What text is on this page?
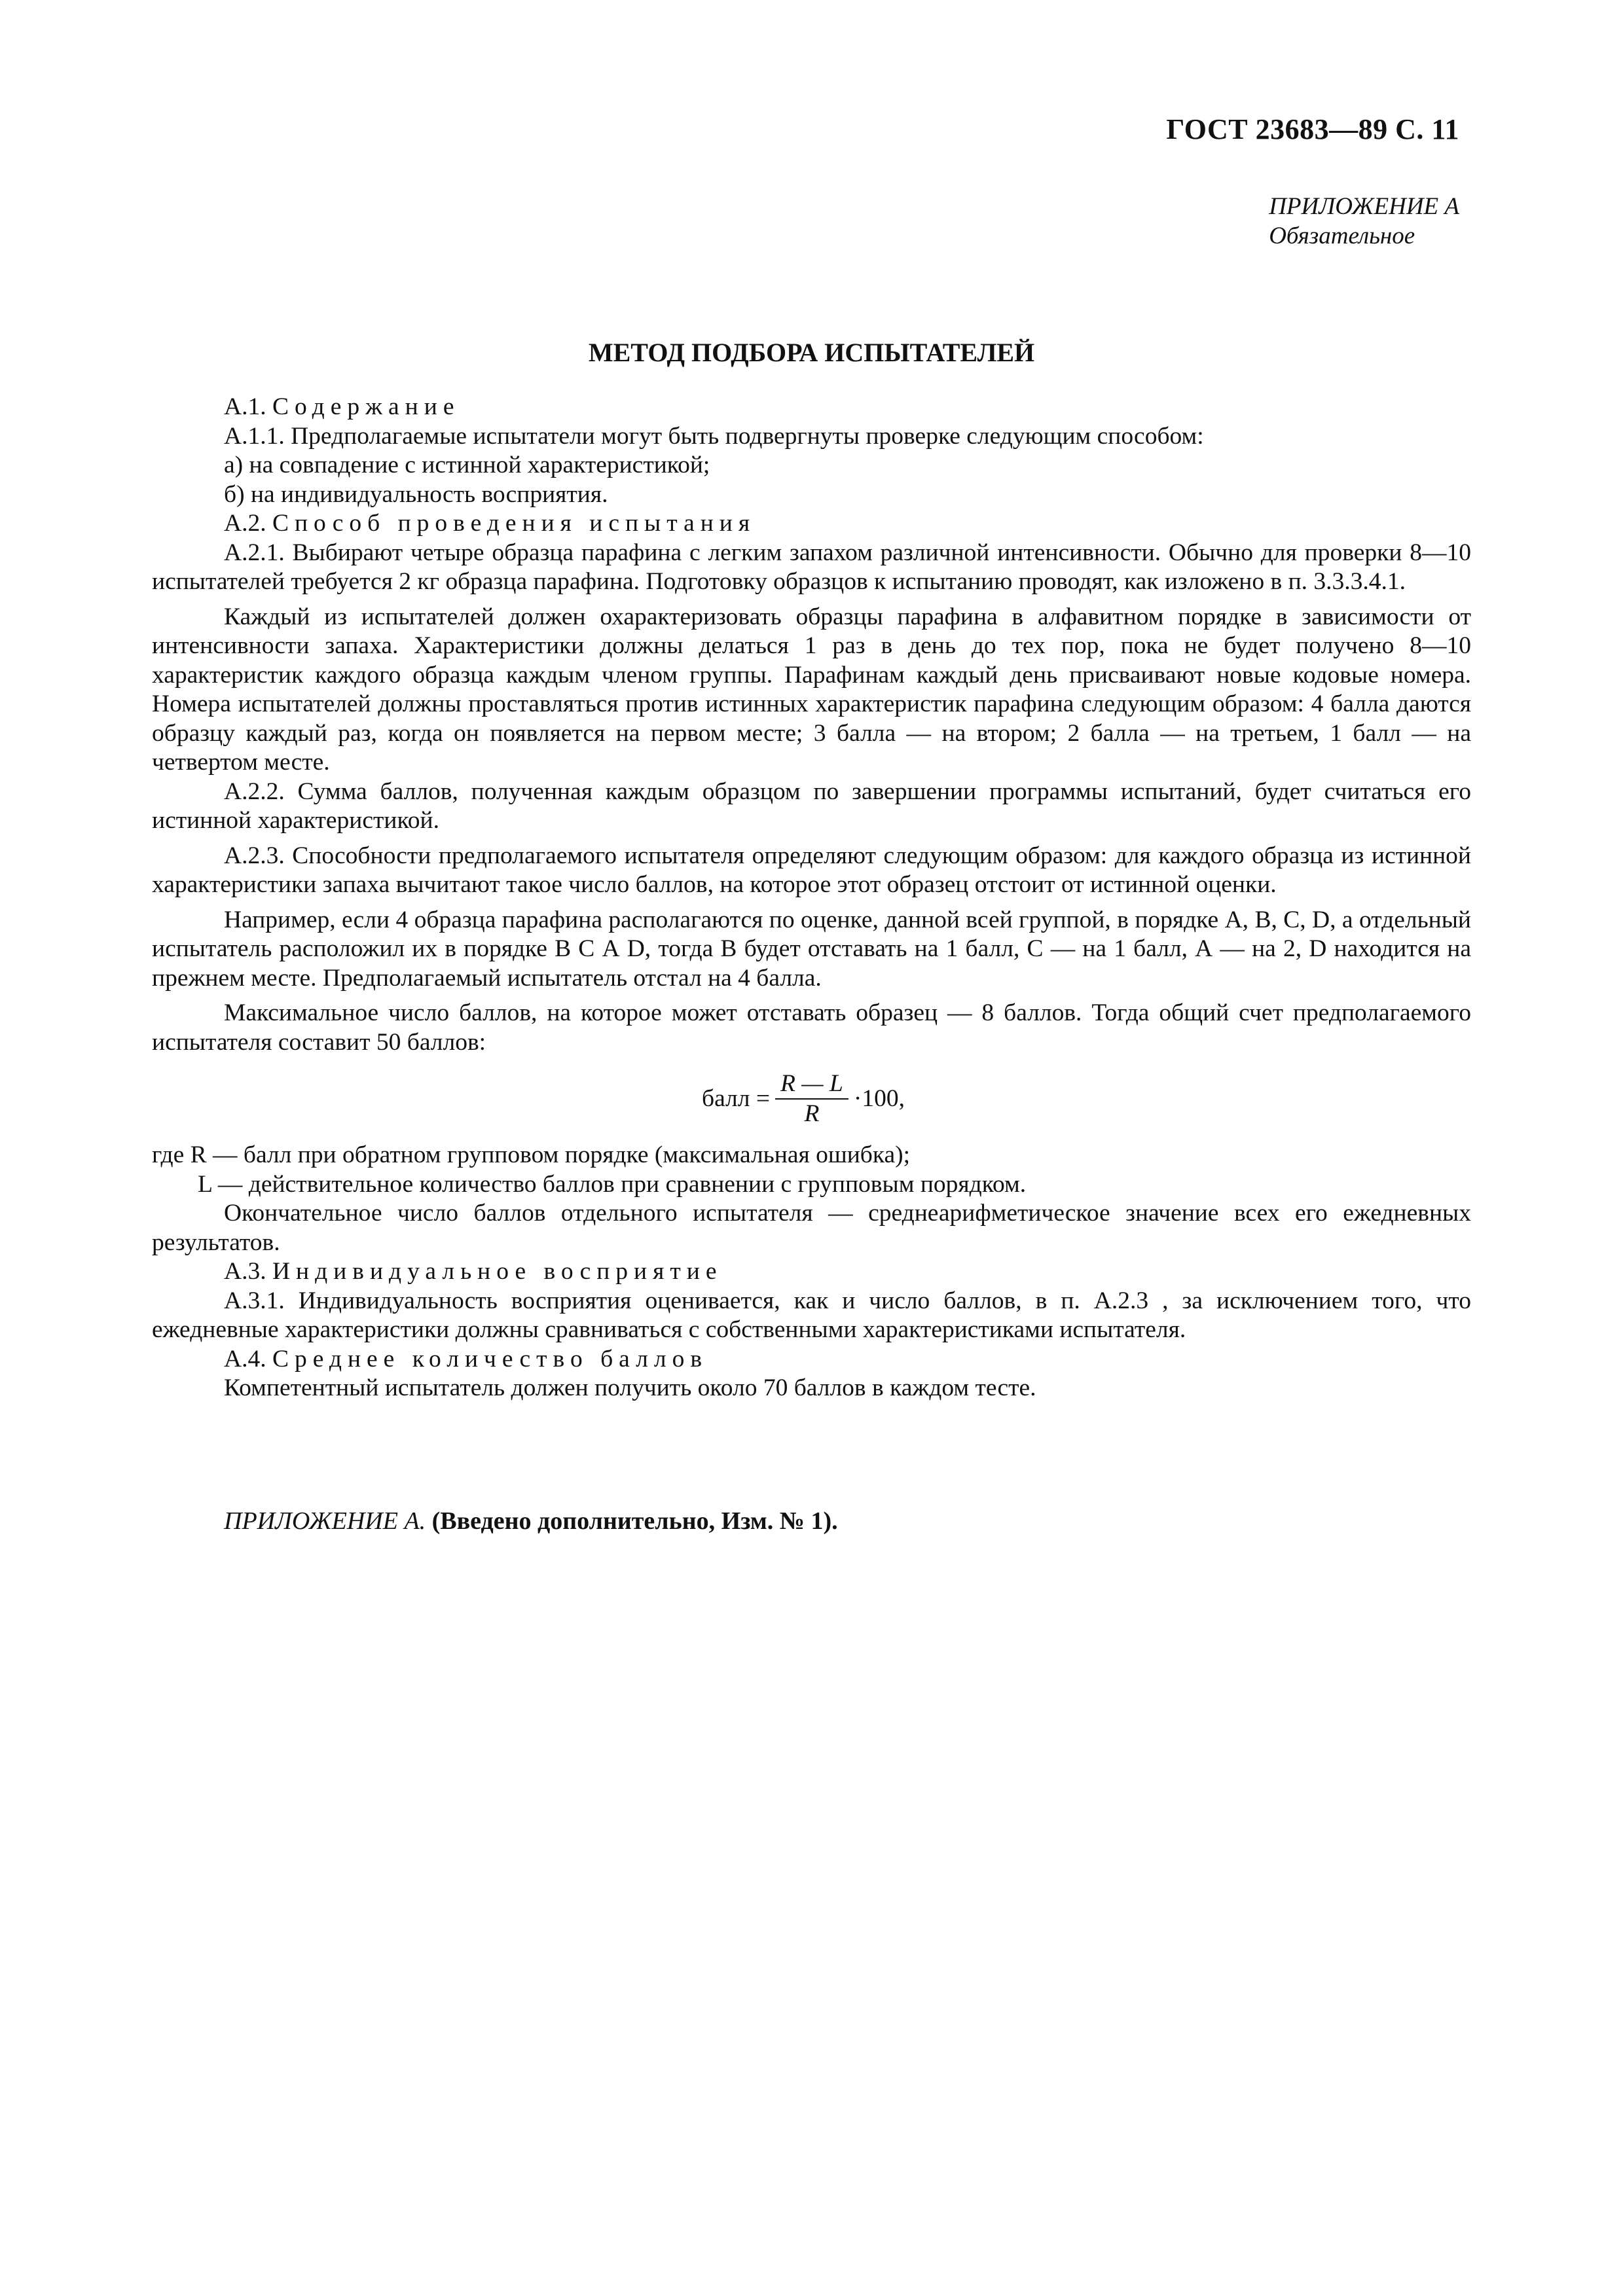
ГОСТ 23683—89 С. 11
ПРИЛОЖЕНИЕ А
Обязательное
МЕТОД ПОДБОРА ИСПЫТАТЕЛЕЙ

А.1. Содержание

А.1.1. Предполагаемые испытатели могут быть подвергнуты проверке следующим способом:

а) на совпадение с истинной характеристикой;

б) на индивидуальность восприятия.

А.2. Способ проведения испытания

А.2.1. Выбирают четыре образца парафина с легким запахом различной интенсивности. Обычно для проверки 8—10 испытателей требуется 2 кг образца парафина. Подготовку образцов к испытанию проводят, как изложено в п. 3.3.3.4.1.

Каждый из испытателей должен охарактеризовать образцы парафина в алфавитном порядке в зависимости от интенсивности запаха. Характеристики должны делаться 1 раз в день до тех пор, пока не будет получено 8—10 характеристик каждого образца каждым членом группы. Парафинам каждый день присваивают новые кодовые номера. Номера испытателей должны проставляться против истинных характеристик парафина следующим образом: 4 балла даются образцу каждый раз, когда он появляется на первом месте; 3 балла — на втором; 2 балла — на третьем, 1 балл — на четвертом месте.

А.2.2. Сумма баллов, полученная каждым образцом по завершении программы испытаний, будет считаться его истинной характеристикой.

А.2.3. Способности предполагаемого испытателя определяют следующим образом: для каждого образца из истинной характеристики запаха вычитают такое число баллов, на которое этот образец отстоит от истинной оценки.

Например, если 4 образца парафина располагаются по оценке, данной всей группой, в порядке А, В, С, D, а отдельный испытатель расположил их в порядке В С А D, тогда В будет отставать на 1 балл, С — на 1 балл, А — на 2, D находится на прежнем месте. Предполагаемый испытатель отстал на 4 балла.

Максимальное число баллов, на которое может отставать образец — 8 баллов. Тогда общий счет предполагаемого испытателя составит 50 баллов:

балл = $\frac{R — L}{R} \cdot 100$,

где R — балл при обратном групповом порядке (максимальная ошибка);

L — действительное количество баллов при сравнении с групповым порядком.

Окончательное число баллов отдельного испытателя — среднеарифметическое значение всех его ежедневных результатов.

А.3. Индивидуальное восприятие

А.3.1. Индивидуальность восприятия оценивается, как и число баллов, в п. А.2.3 , за исключением того, что ежедневные характеристики должны сравниваться с собственными характеристиками испытателя.

А.4. Среднее количество баллов

Компетентный испытатель должен получить около 70 баллов в каждом тесте.

ПРИЛОЖЕНИЕ А. (Введено дополнительно, Изм. № 1).
